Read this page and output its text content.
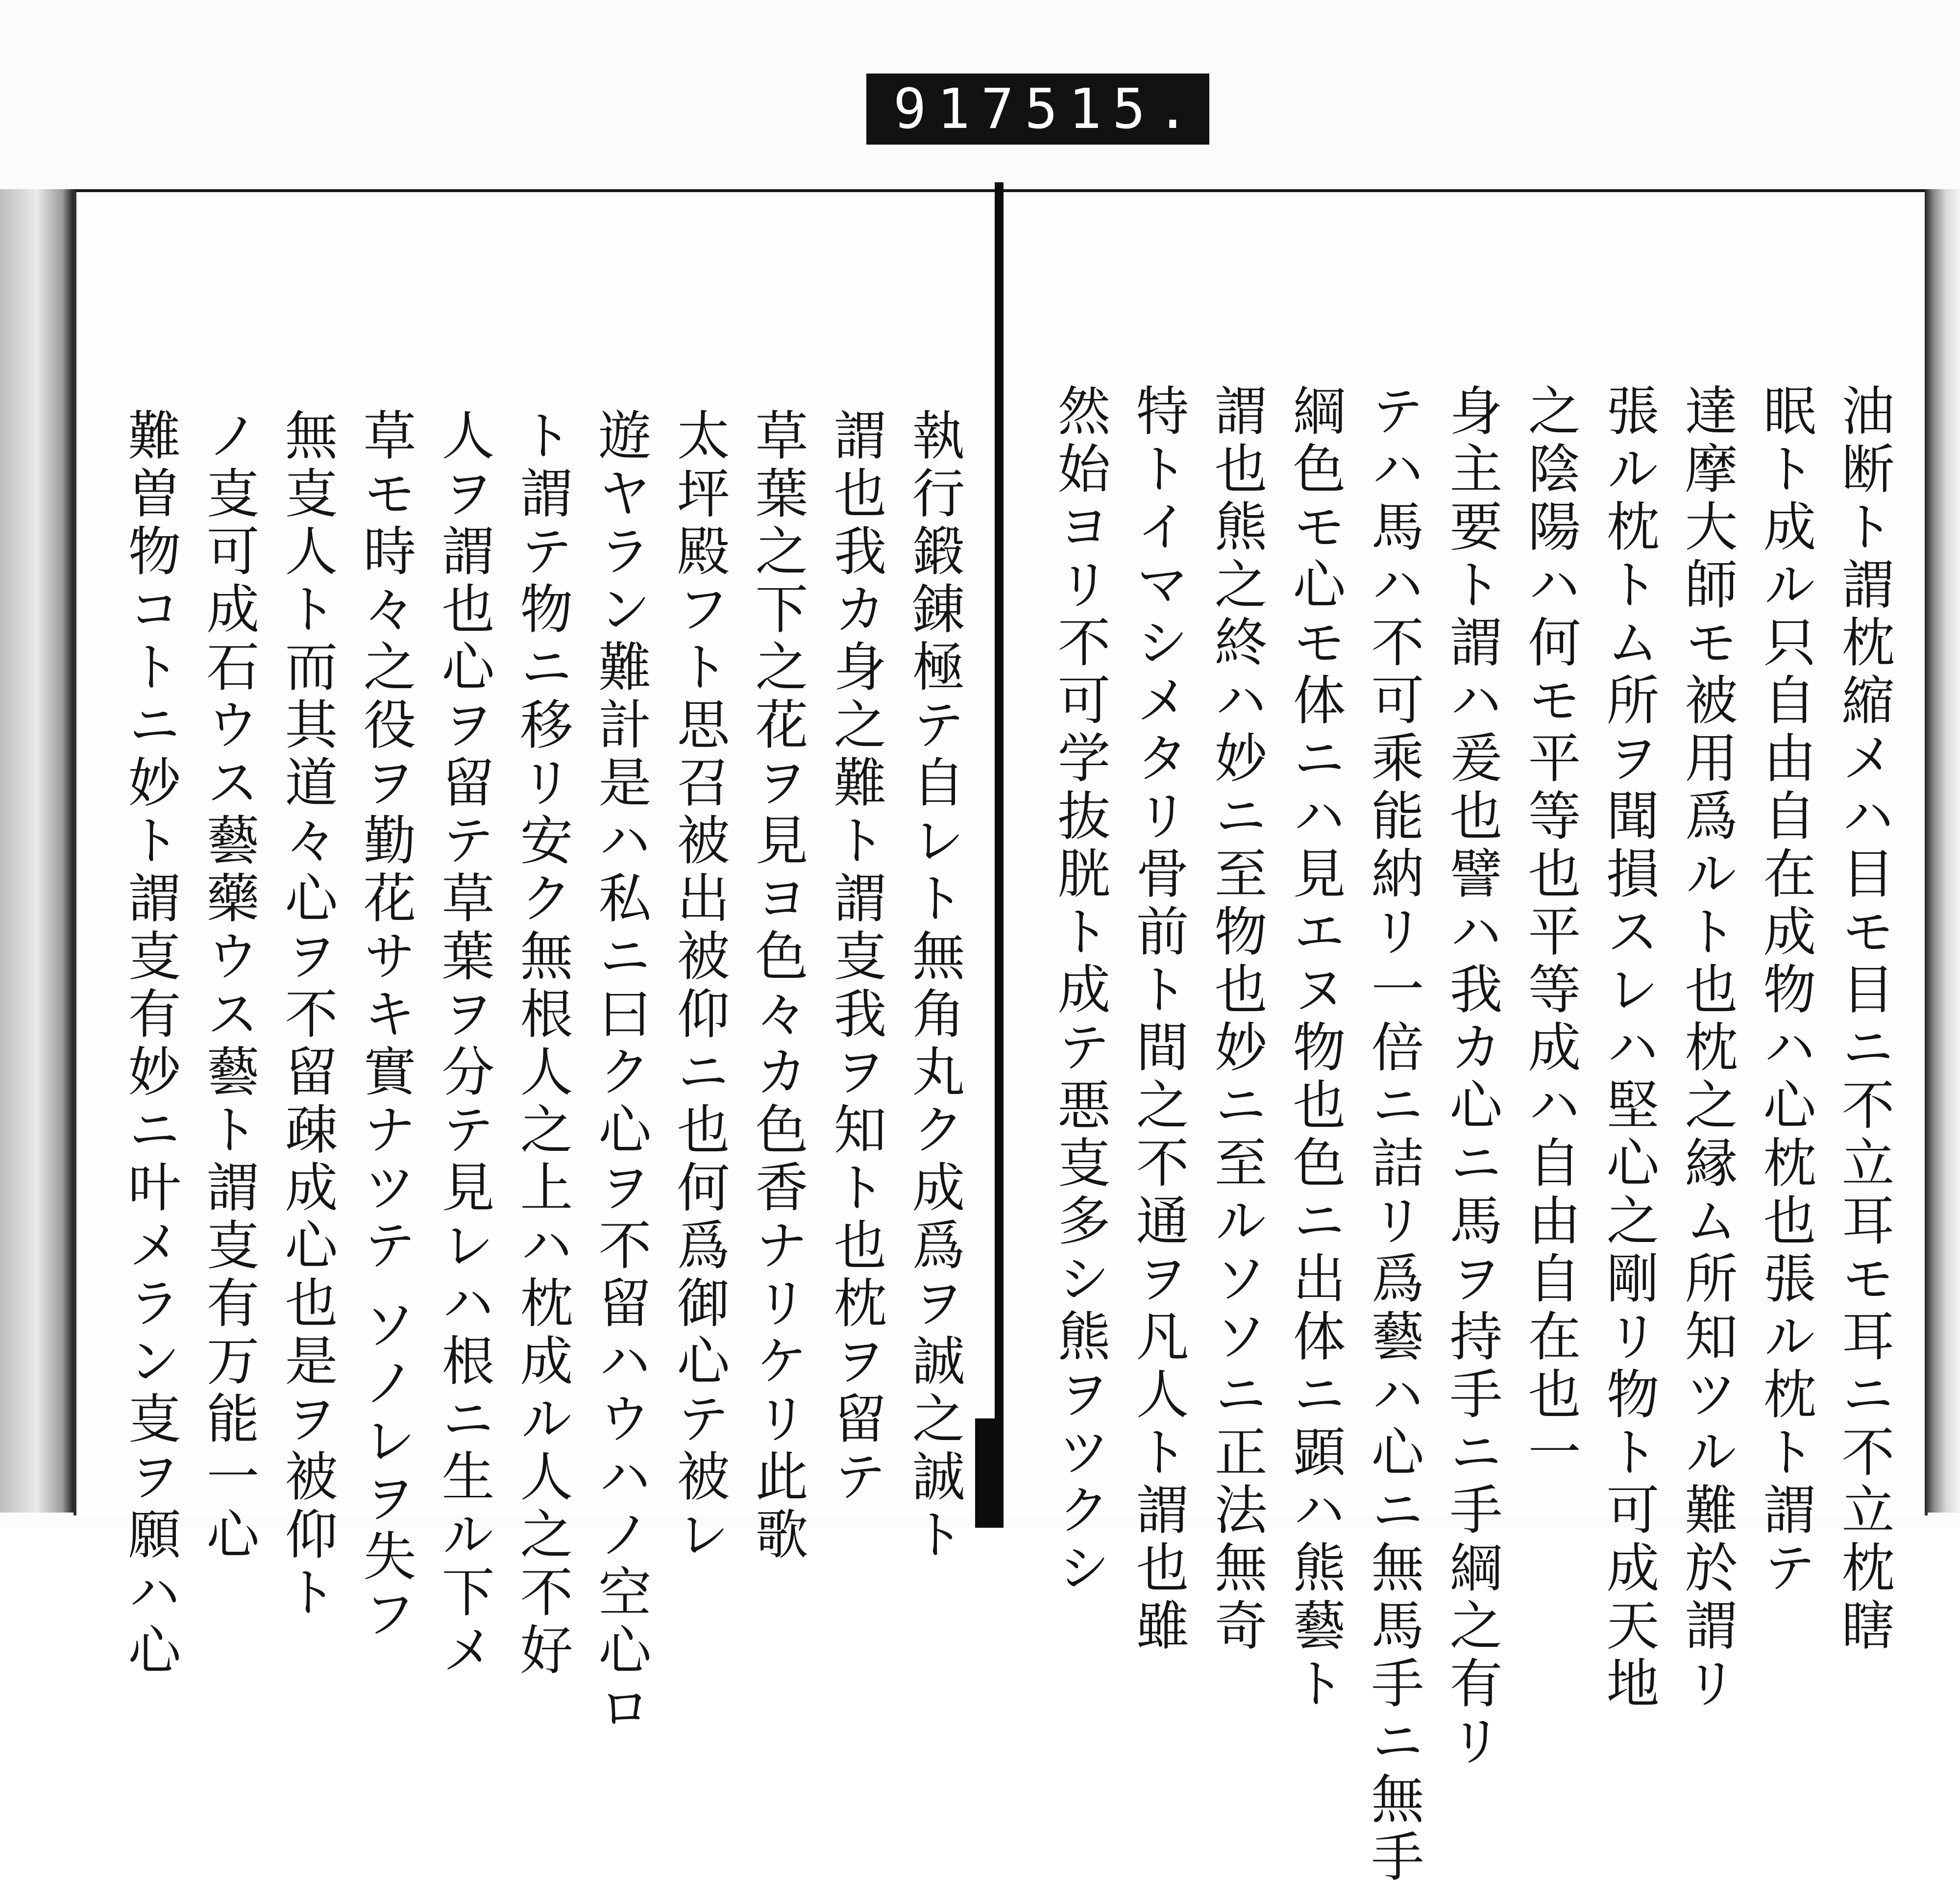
917 515.
執行鍛錬極テ自レト無角丸ク成爲ヲ誠之誠ト
謂也我カ身之難ト謂㕝我ヲ知ト也枕ヲ留テ
草葉之下之花ヲ見ヨ色々カ色香ナリケリ此歌
太坪殿フト思召被出被仰ニ也何爲御心テ被レ
遊ヤラン難計是ハ私ニ曰ク心ヲ不留ハウハノ空心ロ
ト謂テ物ニ移リ安ク無根人之上ハ枕成ル人之不好
人ヲ謂也心ヲ留テ草葉ヲ分テ見レハ根ニ生ル下メ
草モ時々之役ヲ勤花サキ實ナツテ ソノレヲ失フ
無㕝人ト而其道々心ヲ不留疎成心也是ヲ被仰ト
ノ㕝可成石ウス藝藥ウス藝ト謂㕝有万能一心
難曽物コトニ妙ト謂㕝有妙ニ叶メラン㕝ヲ願ハ心	油断ト謂枕縮メハ目モ目ニ不立耳モ耳ニ不立枕瞎
眠ト成ル只自由自在成物ハ心枕也張ル枕ト謂テ
達摩大師モ被用爲ルト也枕之縁ム所知ツル難於謂リ
張ル枕トム所ヲ聞損スレハ堅心之剛リ物ト可成天地
之陰陽ハ何モ平等也平等成ハ自由自在也一
身主要ト謂ハ爰也譬ハ我カ心ニ馬ヲ持手ニ手綱之有リ
テハ馬ハ不可乘能納リ一倍ニ詰リ爲藝ハ心ニ無馬手ニ無手
綱色モ心モ体ニハ見エヌ物也色ニ出体ニ顕ハ熊藝ト
謂也熊之終ハ妙ニ至物也妙ニ至ルソソニ正法無奇
特トイマシメタリ骨前ト間之不通ヲ凡人ト謂也雖
然始ヨリ不可学抜胱ト成テ悪㕝多シ熊ヲツクシ
